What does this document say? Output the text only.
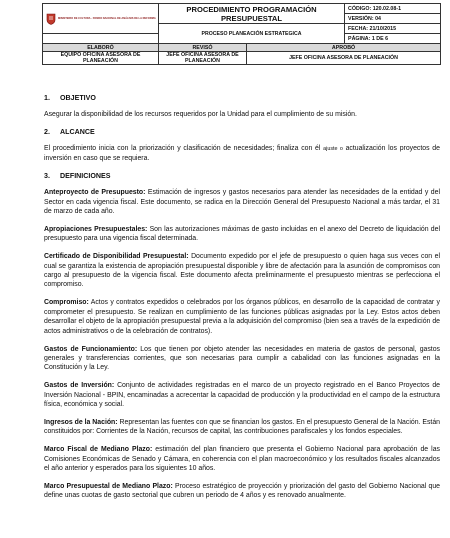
MINISTERIO DE CULTURA · FONDO NACIONAL DE ANÁLISIS DE LA REFORMA	PROCEDIMIENTO PROGRAMACIÓN PRESUPUESTAL		CÓDIGO: 120.02.08-1
			VERSIÓN: 04

	PROCESO PLANEACIÓN ESTRATEGICA		FECHA: 21/10/2015
			PÁGINA: 1 DE 6
ELABORÓ	REVISÓ	APROBÓ	
EQUIPO OFICINA ASESORA DE PLANEACIÓN	JEFE OFICINA ASESORA DE PLANEACIÓN	JEFE OFICINA ASESORA DE PLANEACIÓN	
1.	OBJETIVO

Asegurar la disponibilidad de los recursos requeridos por la Unidad para el cumplimiento de su misión.

2.	ALCANCE

El procedimiento inicia con la priorización y clasificación de necesidades; finaliza con él ajuste o actualización los proyectos de inversión en caso que se requiera.

3.	DEFINICIONES

Anteproyecto de Presupuesto: Estimación de ingresos y gastos necesarios para atender las necesidades de la entidad y del Sector en cada vigencia fiscal. Este documento, se radica en la Dirección General del Presupuesto Nacional a más tardar, el 31 de marzo de cada año.

Apropiaciones Presupuestales: Son las autorizaciones máximas de gasto incluidas en el anexo del Decreto de liquidación del presupuesto para una vigencia fiscal determinada.

Certificado de Disponibilidad Presupuestal: Documento expedido por el jefe de presupuesto o quien haga sus veces con el cual se garantiza la existencia de apropiación presupuestal disponible y libre de afectación para la asunción de compromisos con cargo al presupuesto de la vigencia fiscal. Este documento afecta preliminarmente el presupuesto mientras se perfecciona el compromiso.

Compromiso: Actos y contratos expedidos o celebrados por los órganos públicos, en desarrollo de la capacidad de contratar y comprometer el presupuesto. Se realizan en cumplimiento de las funciones públicas asignadas por la Ley. Estos actos deben desarrollar el objeto de la apropiación presupuestal previa a la adquisición del compromiso (bien sea a través de la expedición de actos administrativos o de la celebración de contratos).

Gastos de Funcionamiento: Los que tienen por objeto atender las necesidades en materia de gastos de personal, gastos generales y transferencias corrientes, que son necesarias para cumplir a cabalidad con las funciones asignadas en la Constitución y la Ley.

Gastos de Inversión: Conjunto de actividades registradas en el marco de un proyecto registrado en el Banco Proyectos de Inversión Nacional - BPIN, encaminadas a acrecentar la capacidad de producción y la productividad en el campo de la estructura física, económica y social.

Ingresos de la Nación: Representan las fuentes con que se financian los gastos. En el presupuesto General de la Nación. Están constituidos por: Corrientes de la Nación, recursos de capital, las contribuciones parafiscales y los fondos especiales.

Marco Fiscal de Mediano Plazo: estimación del plan financiero que presenta el Gobierno Nacional para aprobación de las Comisiones Económicas de Senado y Cámara, en coherencia con el plan macroeconómico y los resultados fiscales alcanzados el año anterior y esperados para los siguientes 10 años.

Marco Presupuestal de Mediano Plazo: Proceso estratégico de proyección y priorización del gasto del Gobierno Nacional que define unas cuotas de gasto sectorial que cubren un periodo de 4 años y es renovado anualmente.
